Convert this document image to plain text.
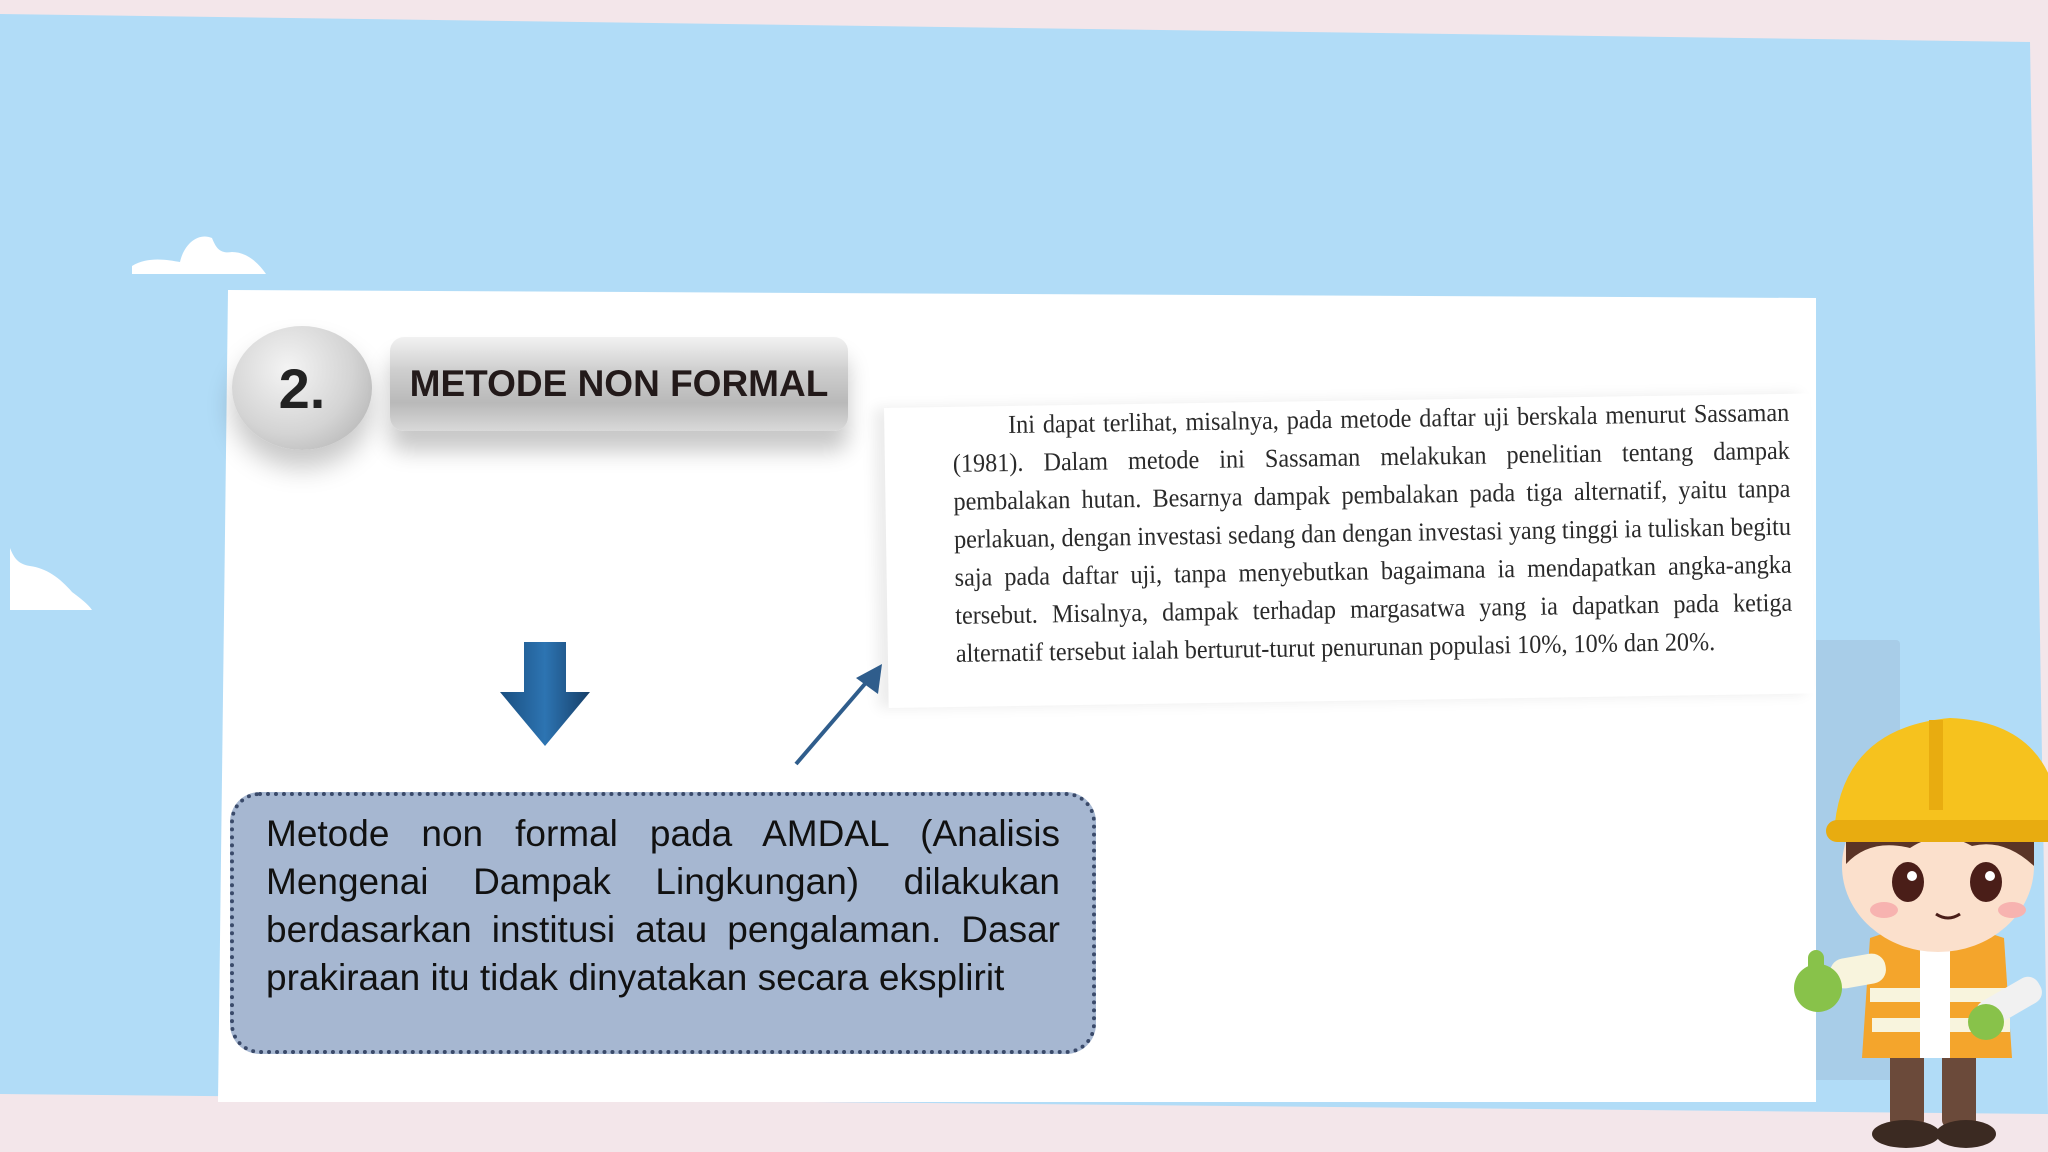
2.	METODE NON FORMAL

Ini dapat terlihat, misalnya, pada metode daftar uji berskala menurut Sassaman (1981). Dalam metode ini Sassaman melakukan penelitian tentang dampak pembalakan hutan. Besarnya dampak pembalakan pada tiga alternatif, yaitu tanpa perlakuan, dengan investasi sedang dan dengan investasi yang tinggi ia tuliskan begitu saja pada daftar uji, tanpa menyebutkan bagaimana ia mendapatkan angka-angka tersebut. Misalnya, dampak terhadap margasatwa yang ia dapatkan pada ketiga alternatif tersebut ialah berturut-turut penurunan populasi 10%, 10% dan 20%.

Metode non formal pada AMDAL (Analisis Mengenai Dampak Lingkungan) dilakukan berdasarkan institusi atau pengalaman. Dasar prakiraan itu tidak dinyatakan secara eksplirit
